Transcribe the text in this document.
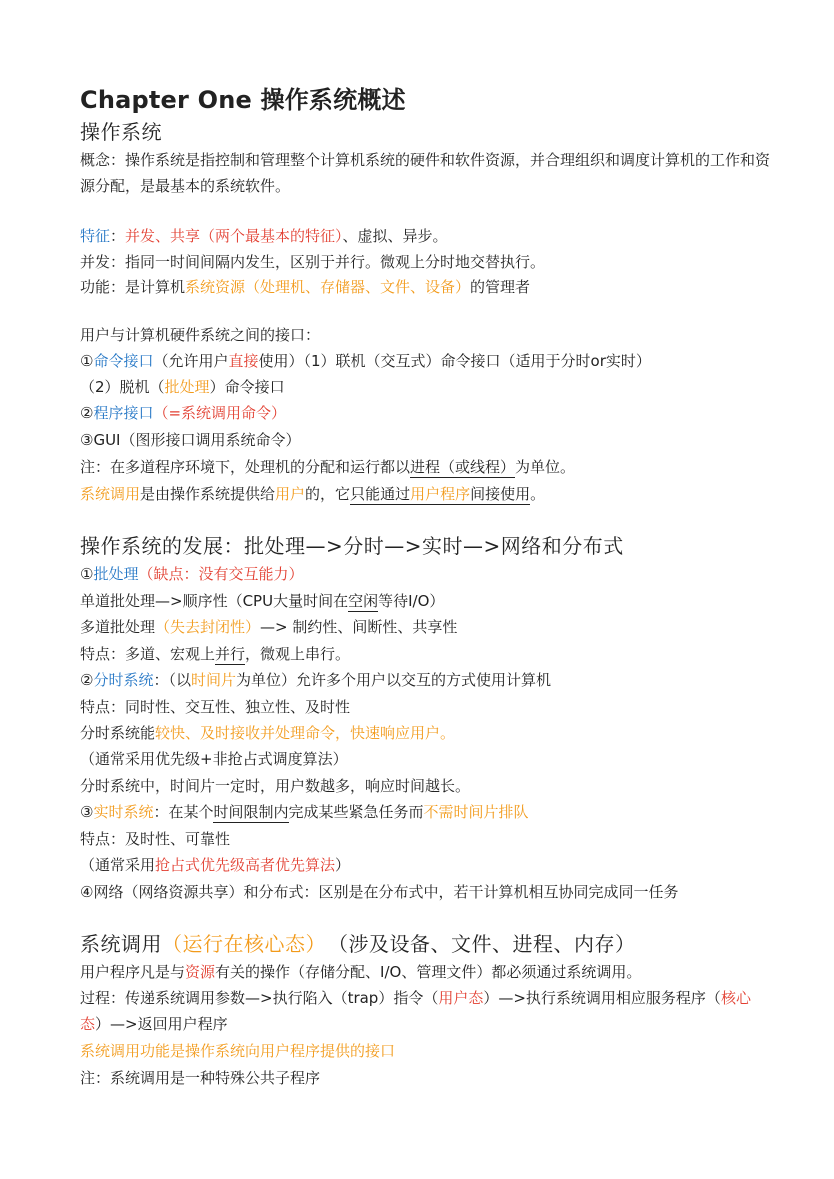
Chapter One 操作系统概述
操作系统
概念：操作系统是指控制和管理整个计算机系统的硬件和软件资源，并合理组织和调度计算机的工作和资源分配，是最基本的系统软件。
特征：并发、共享（两个最基本的特征）、虚拟、异步。
并发：指同一时间间隔内发生，区别于并行。微观上分时地交替执行。
功能：是计算机系统资源（处理机、存储器、文件、设备）的管理者
用户与计算机硬件系统之间的接口：
①命令接口（允许用户直接使用）（1）联机（交互式）命令接口（适用于分时or实时）
（2）脱机（批处理）命令接口
②程序接口（=系统调用命令）
③GUI（图形接口调用系统命令）
注：在多道程序环境下，处理机的分配和运行都以进程（或线程）为单位。
系统调用是由操作系统提供给用户的，它只能通过用户程序间接使用。
操作系统的发展：批处理—>分时—>实时—>网络和分布式
①批处理（缺点：没有交互能力）
单道批处理—>顺序性（CPU大量时间在空闲等待I/O）
多道批处理（失去封闭性）—> 制约性、间断性、共享性
特点：多道、宏观上并行，微观上串行。
②分时系统：（以时间片为单位）允许多个用户以交互的方式使用计算机
特点：同时性、交互性、独立性、及时性
分时系统能较快、及时接收并处理命令，快速响应用户。
（通常采用优先级+非抢占式调度算法）
分时系统中，时间片一定时，用户数越多，响应时间越长。
③实时系统：在某个时间限制内完成某些紧急任务而不需时间片排队
特点：及时性、可靠性
（通常采用抢占式优先级高者优先算法）
④网络（网络资源共享）和分布式：区别是在分布式中，若干计算机相互协同完成同一任务
系统调用（运行在核心态） （涉及设备、文件、进程、内存）
用户程序凡是与资源有关的操作（存储分配、I/O、管理文件）都必须通过系统调用。
过程：传递系统调用参数—>执行陷入（trap）指令（用户态）—>执行系统调用相应服务程序（核心态）—>返回用户程序
系统调用功能是操作系统向用户程序提供的接口
注：系统调用是一种特殊公共子程序
